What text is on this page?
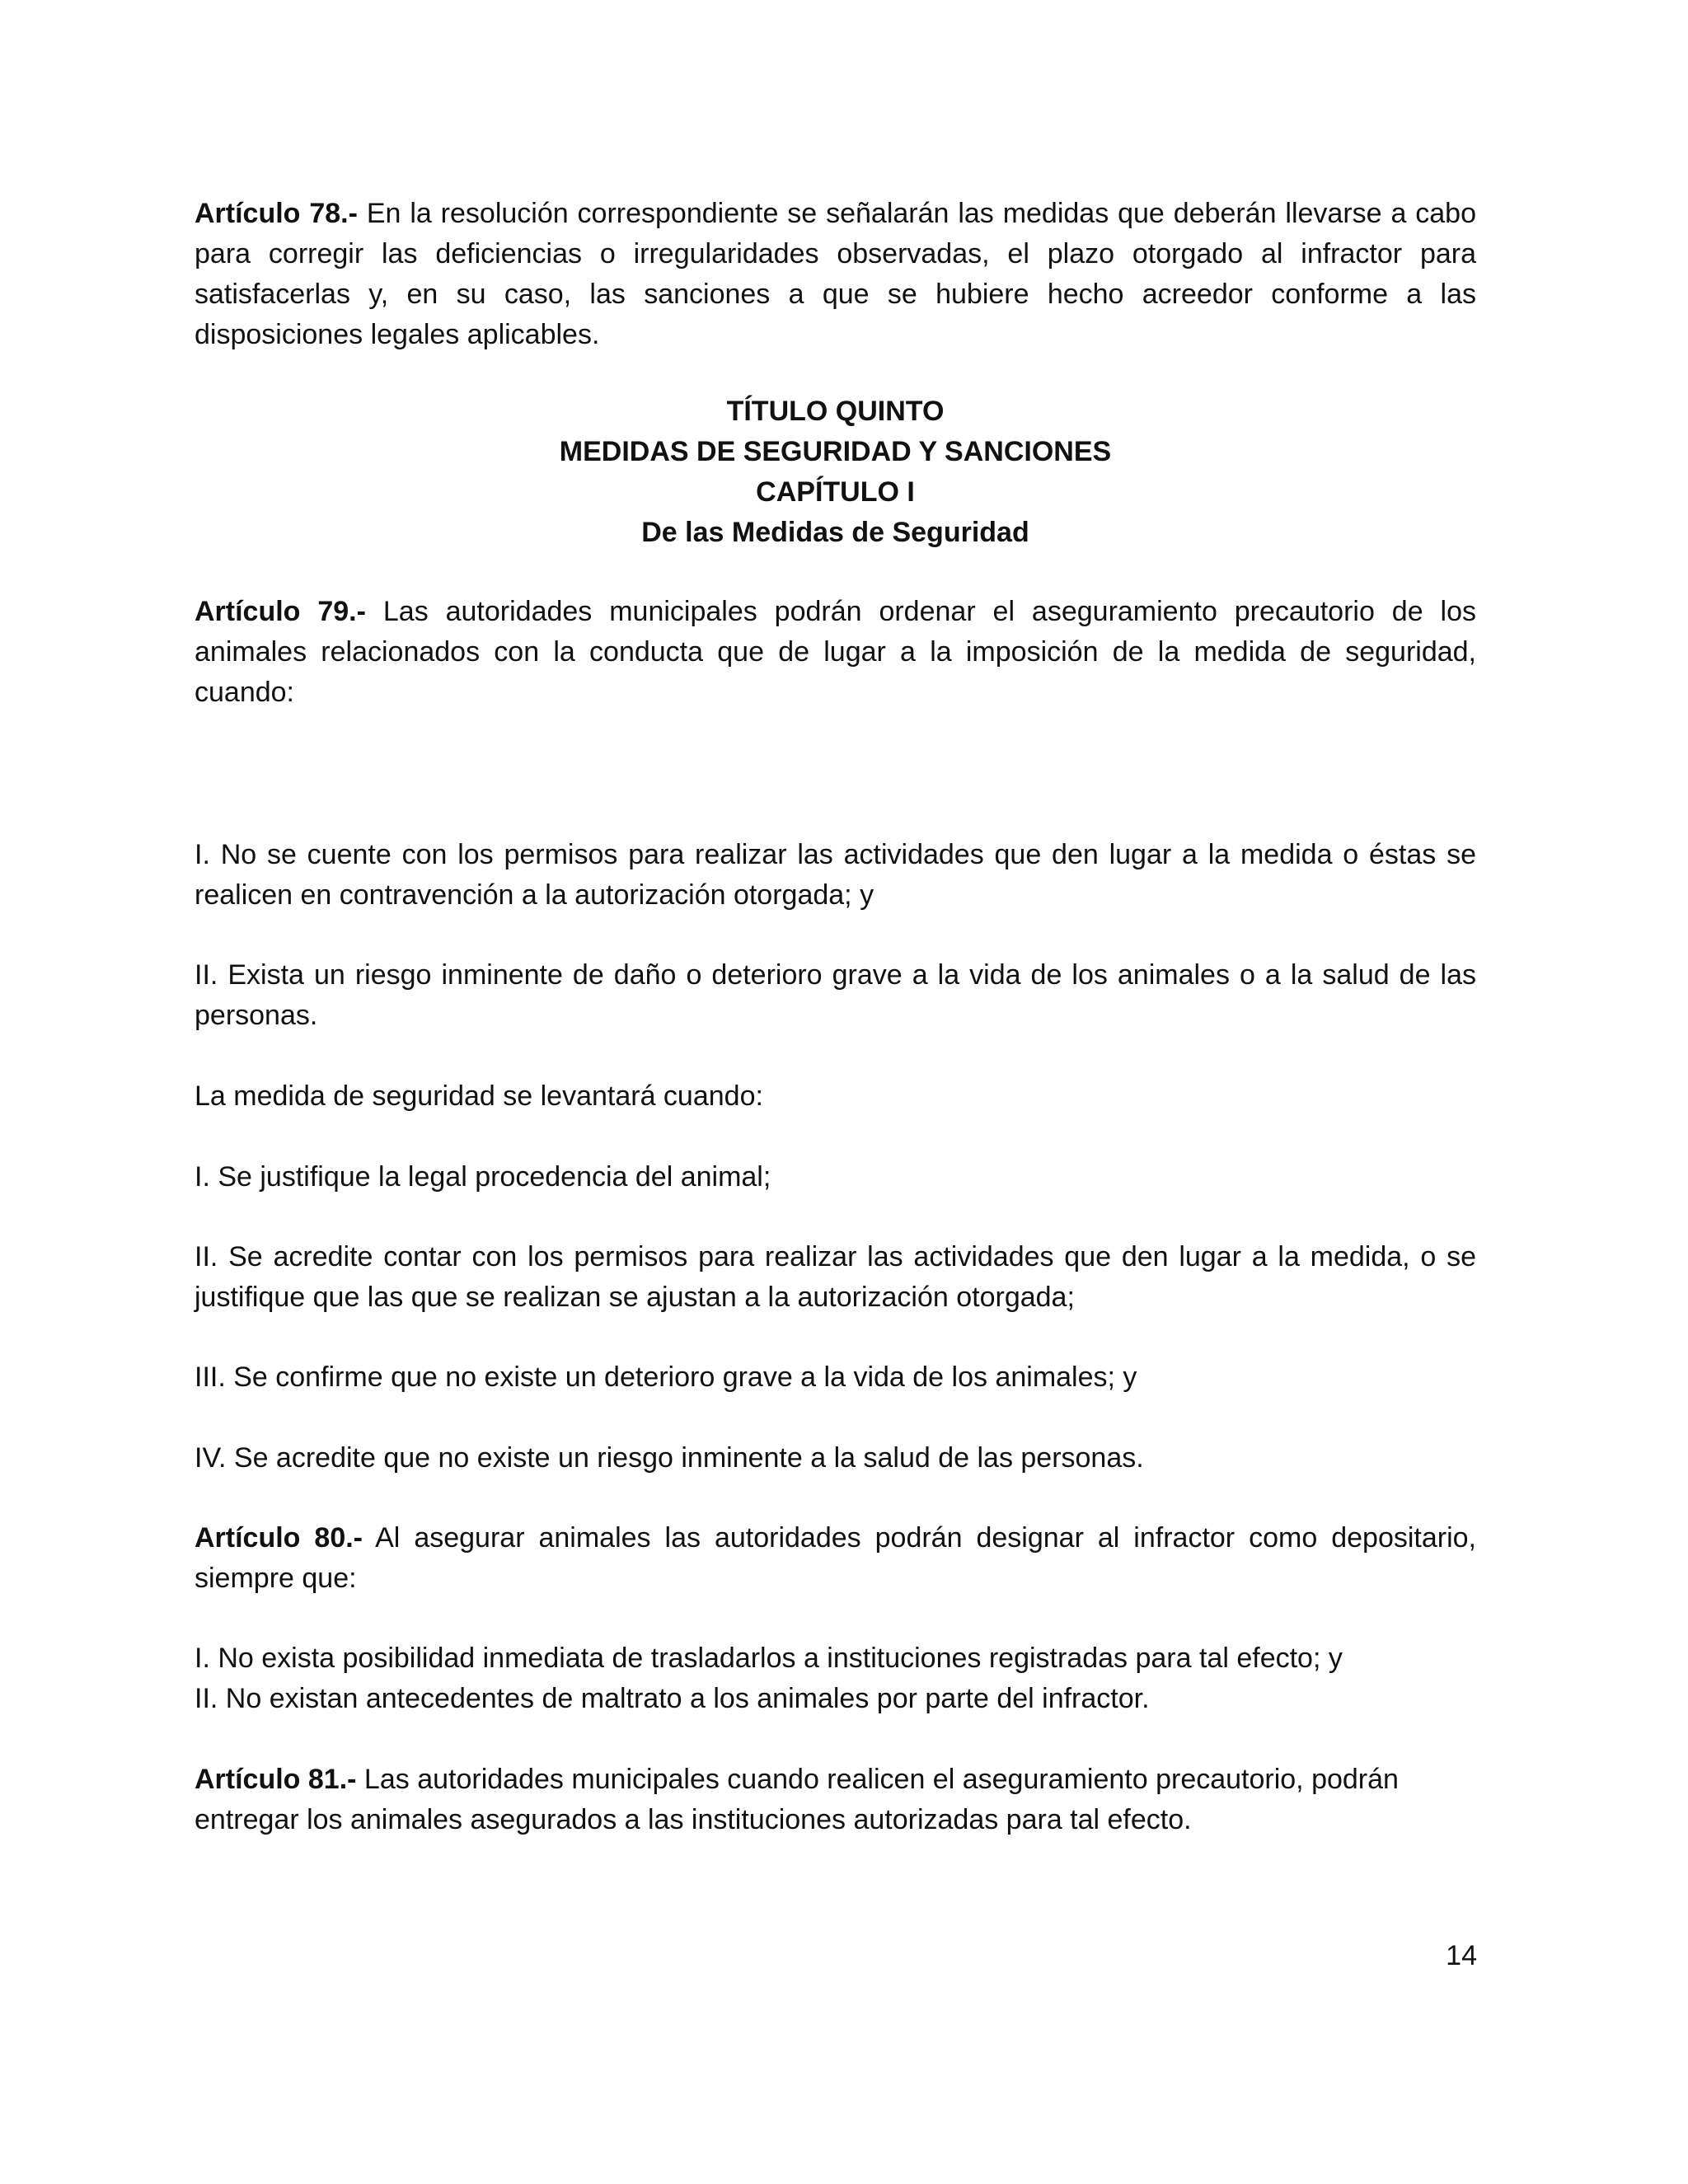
Artículo 78.- En la resolución correspondiente se señalarán las medidas que deberán llevarse a cabo para corregir las deficiencias o irregularidades observadas, el plazo otorgado al infractor para satisfacerlas y, en su caso, las sanciones a que se hubiere hecho acreedor conforme a las disposiciones legales aplicables.

TÍTULO QUINTO
MEDIDAS DE SEGURIDAD Y SANCIONES
CAPÍTULO I
De las Medidas de Seguridad

Artículo 79.- Las autoridades municipales podrán ordenar el aseguramiento precautorio de los animales relacionados con la conducta que de lugar a la imposición de la medida de seguridad, cuando:

I. No se cuente con los permisos para realizar las actividades que den lugar a la medida o éstas se realicen en contravención a la autorización otorgada; y

II. Exista un riesgo inminente de daño o deterioro grave a la vida de los animales o a la salud de las personas.

La medida de seguridad se levantará cuando:

I. Se justifique la legal procedencia del animal;

II. Se acredite contar con los permisos para realizar las actividades que den lugar a la medida, o se justifique que las que se realizan se ajustan a la autorización otorgada;

III. Se confirme que no existe un deterioro grave a la vida de los animales; y

IV. Se acredite que no existe un riesgo inminente a la salud de las personas.

Artículo 80.- Al asegurar animales las autoridades podrán designar al infractor como depositario, siempre que:

I. No exista posibilidad inmediata de trasladarlos a instituciones registradas para tal efecto; y

II. No existan antecedentes de maltrato a los animales por parte del infractor.

Artículo 81.- Las autoridades municipales cuando realicen el aseguramiento precautorio, podrán entregar los animales asegurados a las instituciones autorizadas para tal efecto.

14
